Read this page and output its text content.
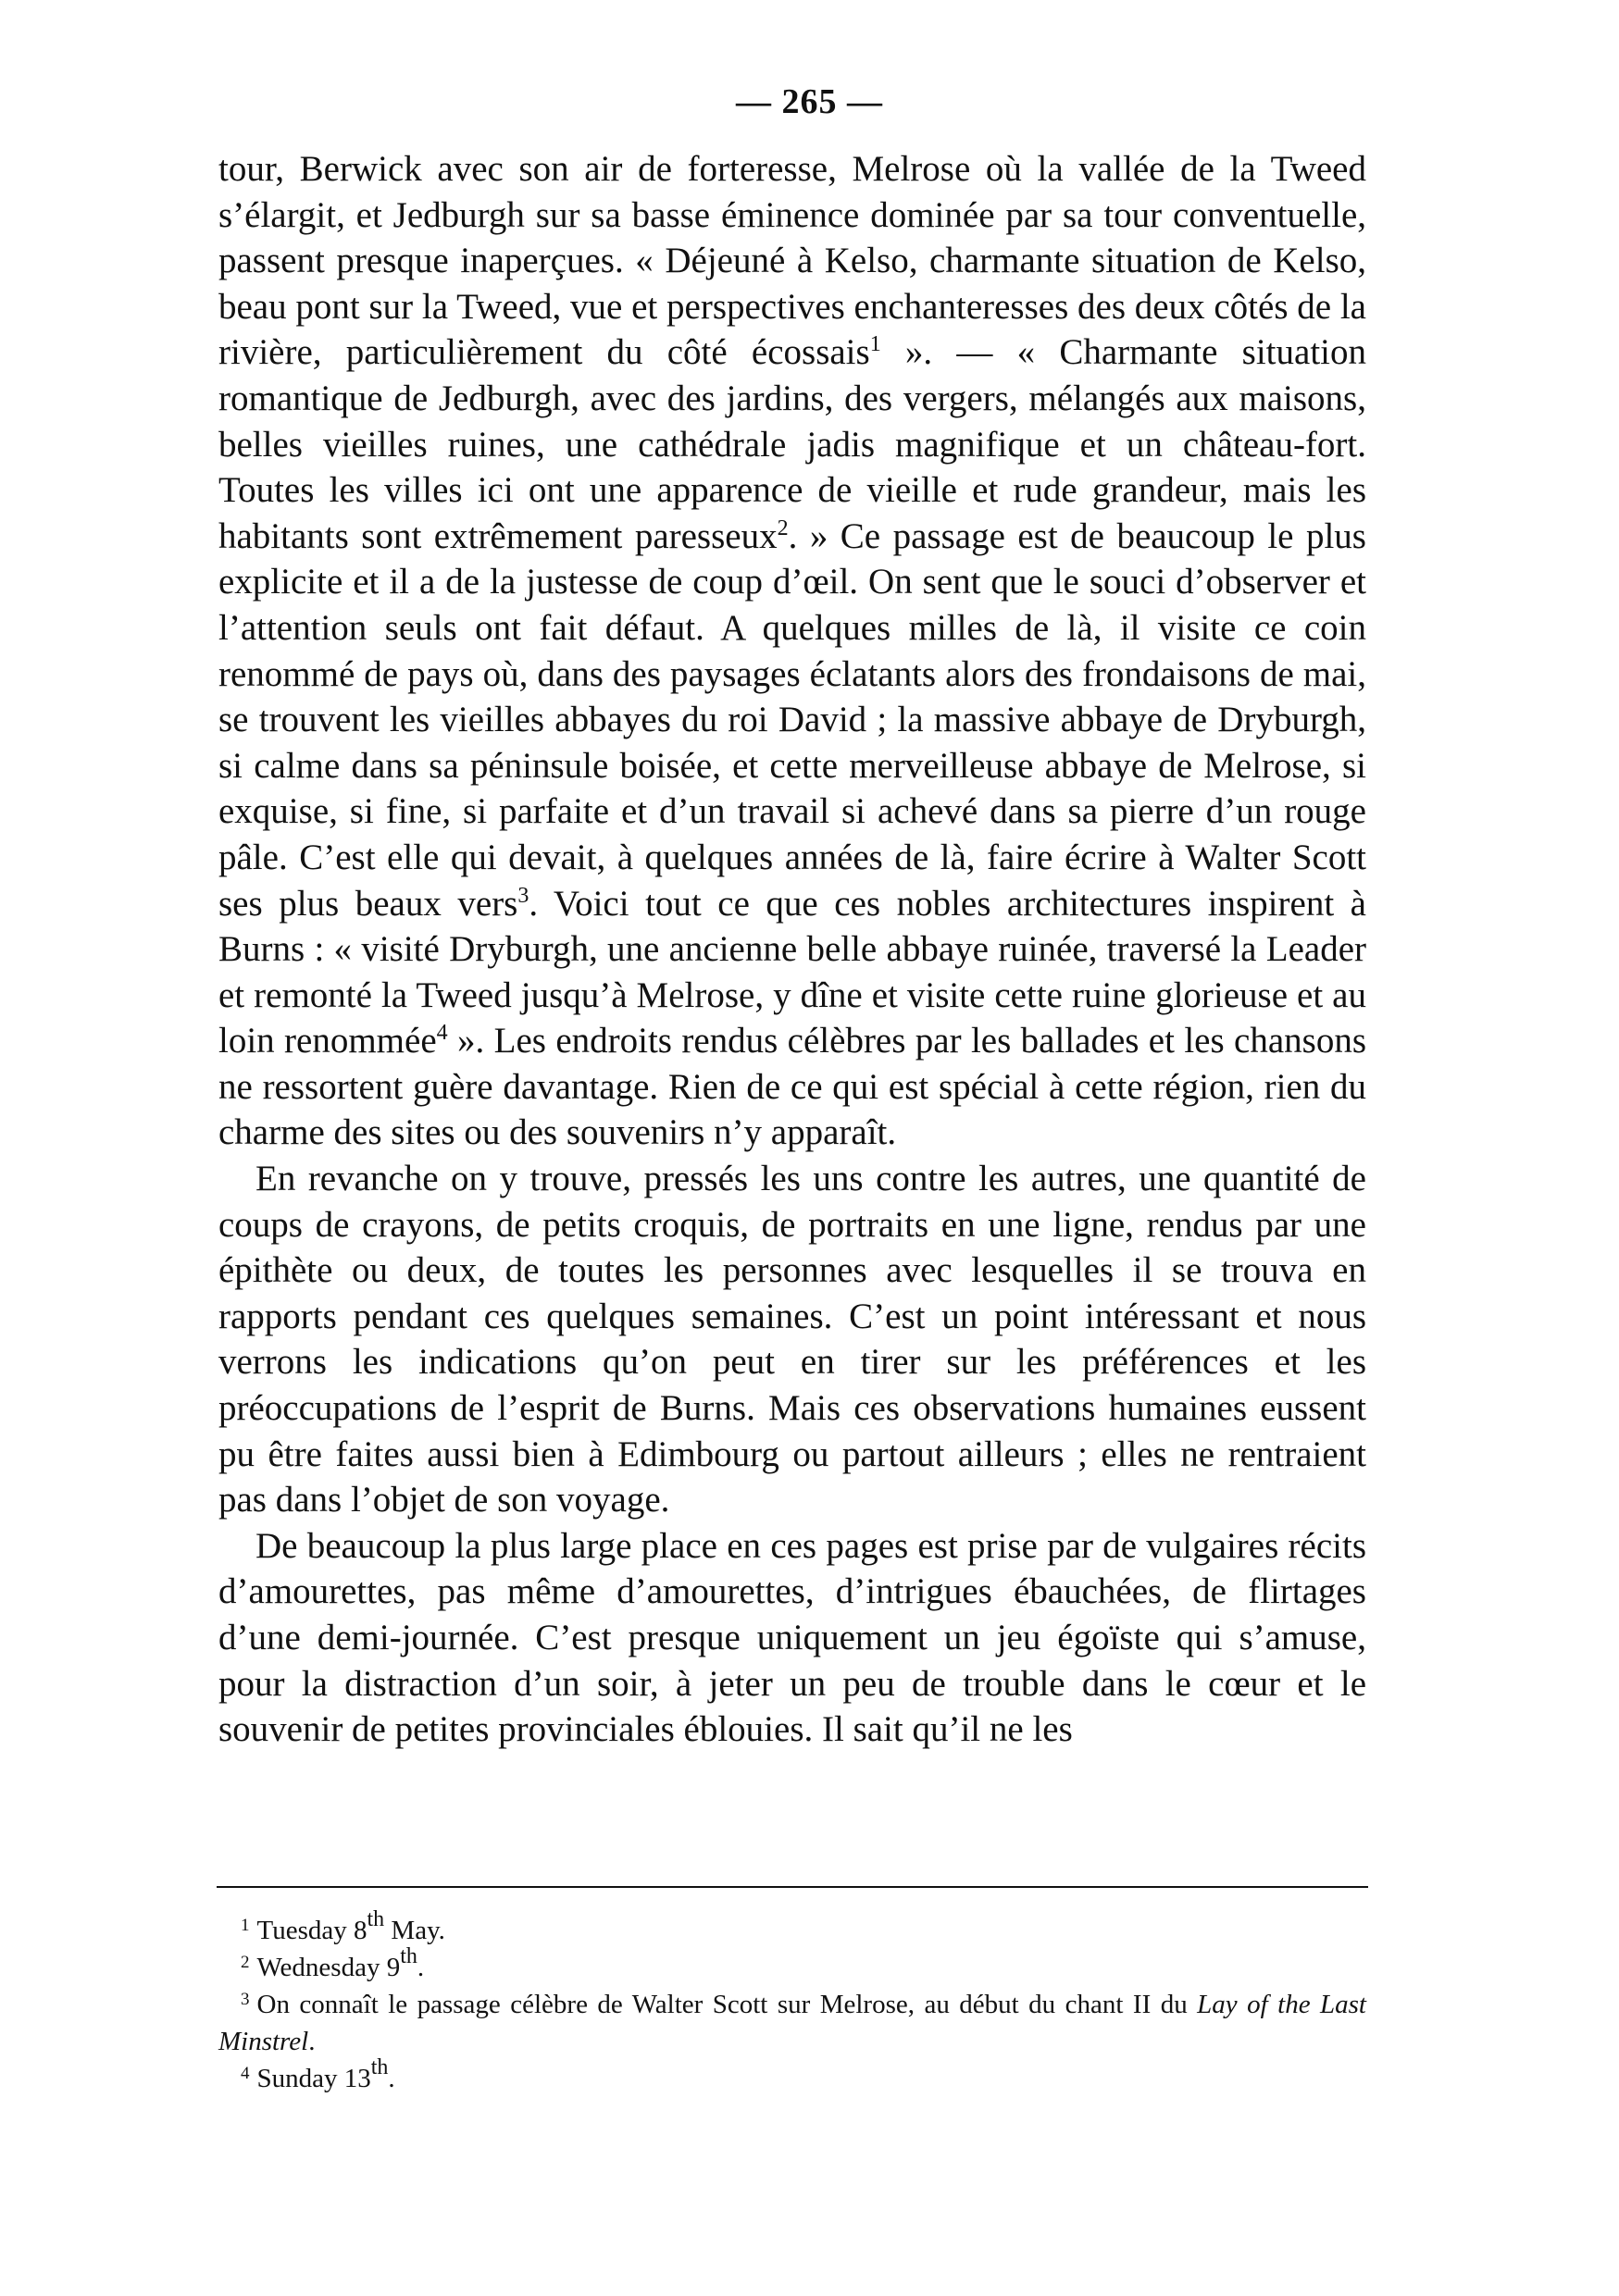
— 265 —

tour, Berwick avec son air de forteresse, Melrose où la vallée de la Tweed s’élargit, et Jedburgh sur sa basse éminence dominée par sa tour conventuelle, passent presque inaperçues. « Déjeuné à Kelso, charmante situation de Kelso, beau pont sur la Tweed, vue et perspectives enchanteresses des deux côtés de la rivière, particulièrement du côté écossais$^1$ ». — « Charmante situation romantique de Jedburgh, avec des jardins, des vergers, mélangés aux maisons, belles vieilles ruines, une cathédrale jadis magnifique et un château-fort. Toutes les villes ici ont une apparence de vieille et rude grandeur, mais les habitants sont extrêmement paresseux$^2$. » Ce passage est de beaucoup le plus explicite et il a de la justesse de coup d’œil. On sent que le souci d’observer et l’attention seuls ont fait défaut. A quelques milles de là, il visite ce coin renommé de pays où, dans des paysages éclatants alors des frondaisons de mai, se trouvent les vieilles abbayes du roi David ; la massive abbaye de Dryburgh, si calme dans sa péninsule boisée, et cette merveilleuse abbaye de Melrose, si exquise, si fine, si parfaite et d’un travail si achevé dans sa pierre d’un rouge pâle. C’est elle qui devait, à quelques années de là, faire écrire à Walter Scott ses plus beaux vers$^3$. Voici tout ce que ces nobles architectures inspirent à Burns : « visité Dryburgh, une ancienne belle abbaye ruinée, traversé la Leader et remonté la Tweed jusqu’à Melrose, y dîne et visite cette ruine glorieuse et au loin renommée$^4$ ». Les endroits rendus célèbres par les ballades et les chansons ne ressortent guère davantage. Rien de ce qui est spécial à cette région, rien du charme des sites ou des souvenirs n’y apparaît.

En revanche on y trouve, pressés les uns contre les autres, une quantité de coups de crayons, de petits croquis, de portraits en une ligne, rendus par une épithète ou deux, de toutes les personnes avec lesquelles il se trouva en rapports pendant ces quelques semaines. C’est un point intéressant et nous verrons les indications qu’on peut en tirer sur les préférences et les préoccupations de l’esprit de Burns. Mais ces observations humaines eussent pu être faites aussi bien à Edimbourg ou partout ailleurs ; elles ne rentraient pas dans l’objet de son voyage.

De beaucoup la plus large place en ces pages est prise par de vulgaires récits d’amourettes, pas même d’amourettes, d’intrigues ébauchées, de flirtages d’une demi-journée. C’est presque uniquement un jeu égoïste qui s’amuse, pour la distraction d’un soir, à jeter un peu de trouble dans le cœur et le souvenir de petites provinciales éblouies. Il sait qu’il ne les

$^1$ Tuesday 8th May.

$^2$ Wednesday 9th.

$^3$ On connaît le passage célèbre de Walter Scott sur Melrose, au début du chant II du Lay of the Last Minstrel.

$^4$ Sunday 13th.
